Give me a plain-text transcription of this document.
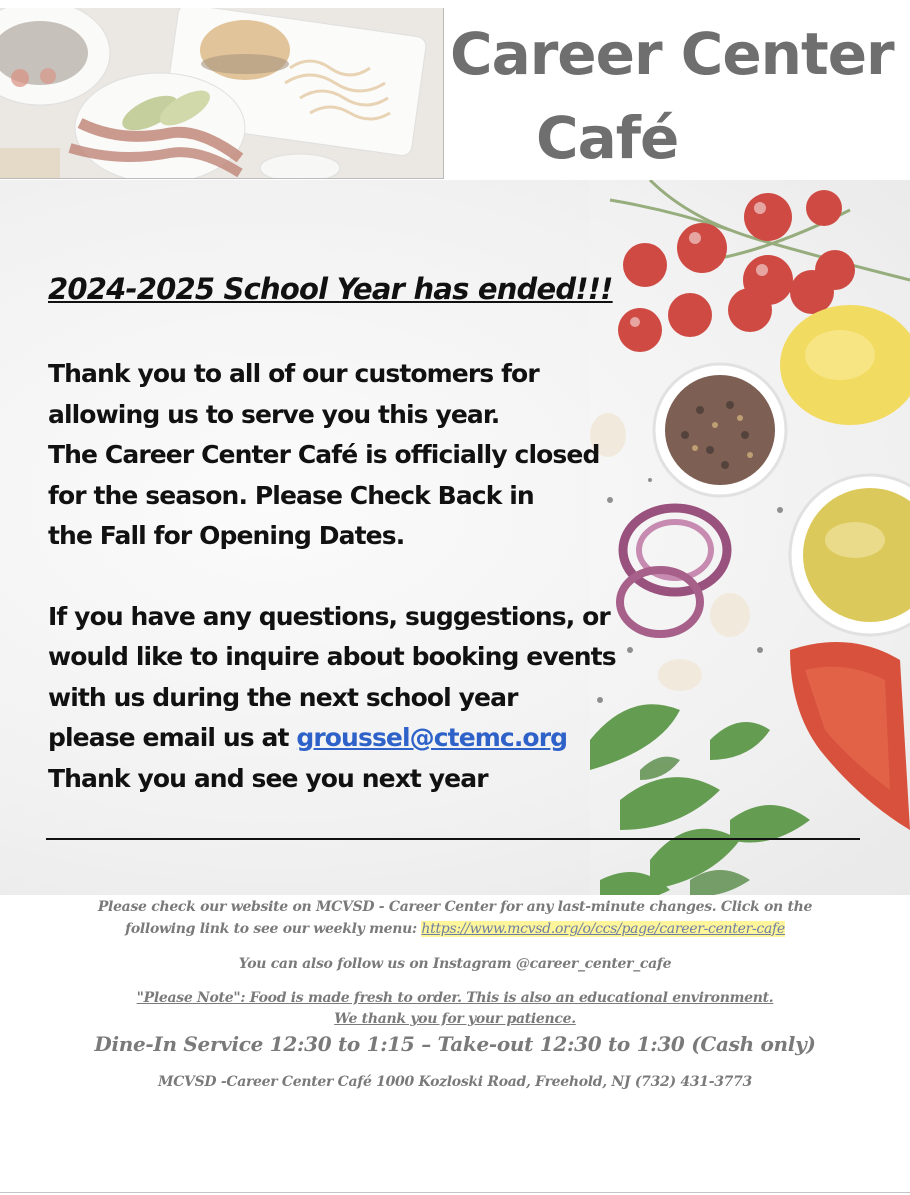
Career Center
Café
2024-2025 School Year has ended!!!
Thank you to all of our customers for
allowing us to serve you this year.
The Career Center Café is officially closed
for the season. Please Check Back in
the Fall for Opening Dates.
If you have any questions, suggestions, or
would like to inquire about booking events
with us during the next school year
please email us at groussel@ctemc.org
Thank you and see you next year
Please check our website on MCVSD - Career Center for any last-minute changes. Click on the
following link to see our weekly menu: https://www.mcvsd.org/o/ccs/page/career-center-cafe
You can also follow us on Instagram @career_center_cafe
"Please Note": Food is made fresh to order. This is also an educational environment.
We thank you for your patience.
Dine-In Service 12:30 to 1:15 – Take-out 12:30 to 1:30 (Cash only)
MCVSD -Career Center Café 1000 Kozloski Road, Freehold, NJ (732) 431-3773
